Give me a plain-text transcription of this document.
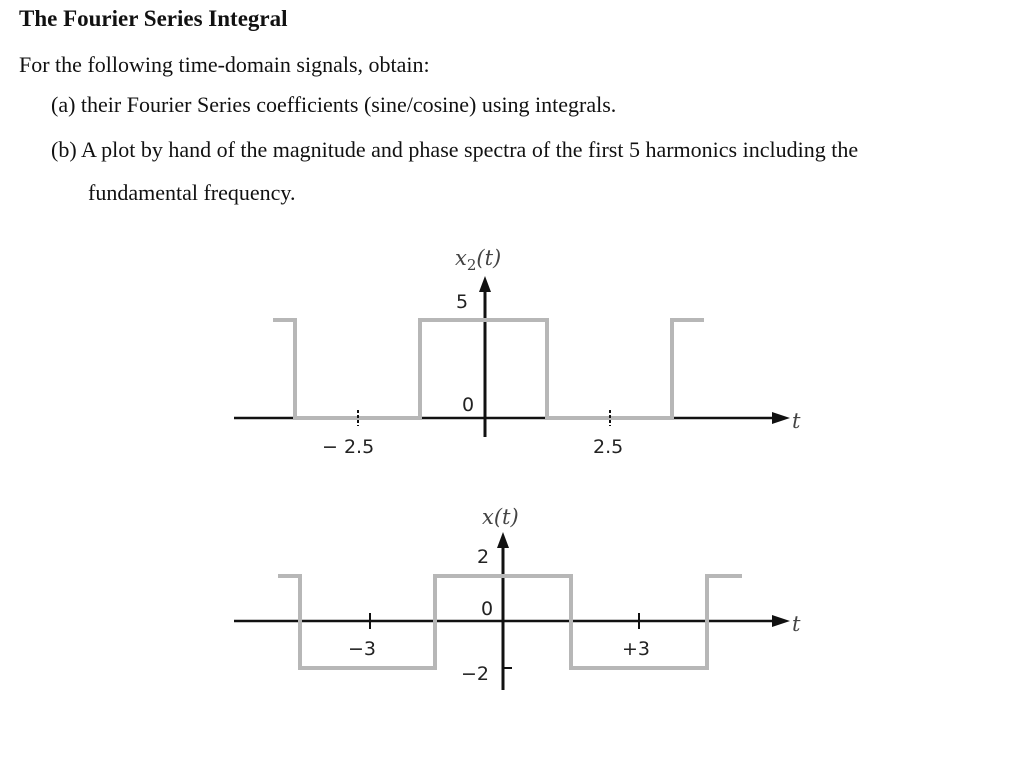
The Fourier Series Integral
For the following time-domain signals, obtain:
(a) their Fourier Series coefficients (sine/cosine) using integrals.
(b) A plot by hand of the magnitude and phase spectra of the first 5 harmonics including the
fundamental frequency.
$x_2(t)$
5
0
t
− 2.5	2.5
x(t)
2
0
−2
t
−3	+3
